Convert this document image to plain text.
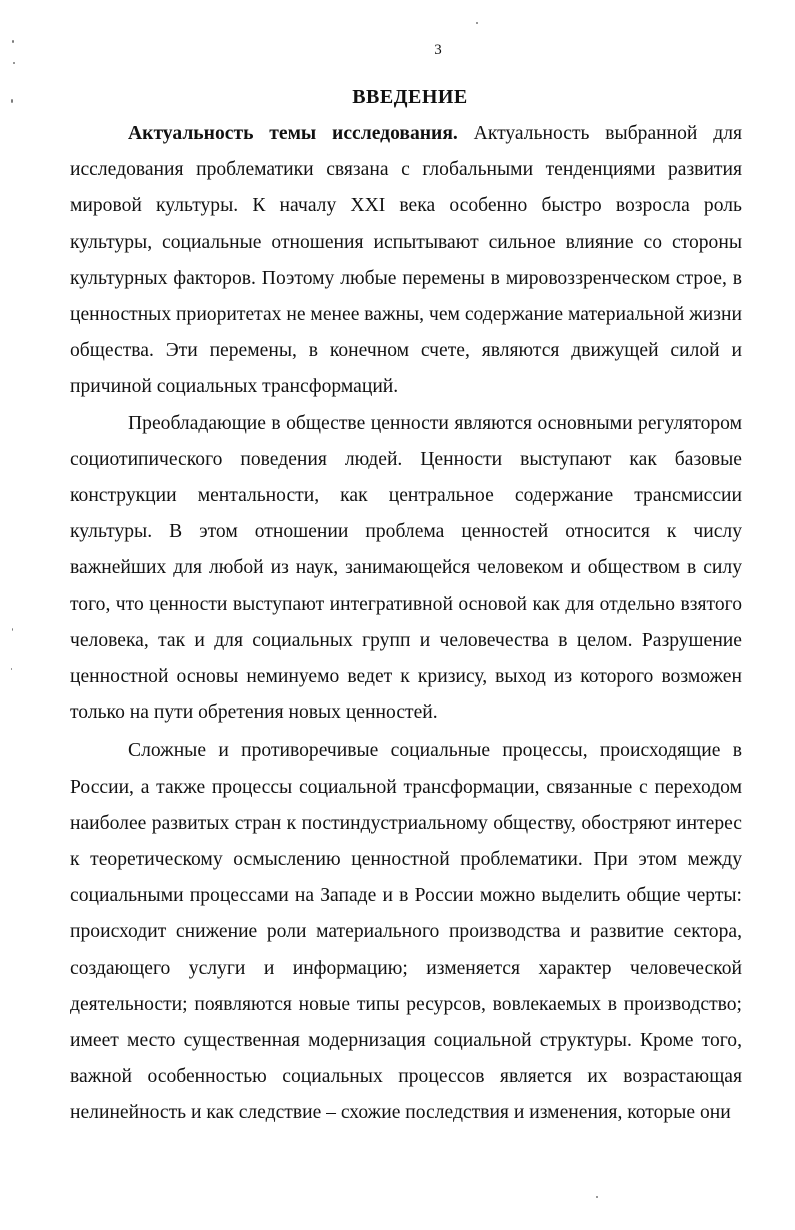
3
ВВЕДЕНИЕ

Актуальность темы исследования. Актуальность выбранной для исследования проблематики связана с глобальными тенденциями развития мировой культуры. К началу XXI века особенно быстро возросла роль культуры, социальные отношения испытывают сильное влияние со стороны культурных факторов. Поэтому любые перемены в мировоззренческом строе, в ценностных приоритетах не менее важны, чем содержание материальной жизни общества. Эти перемены, в конечном счете, являются движущей силой и причиной социальных трансформаций.

Преобладающие в обществе ценности являются основными регулятором социотипического поведения людей. Ценности выступают как базовые конструкции ментальности, как центральное содержание трансмиссии культуры. В этом отношении проблема ценностей относится к числу важнейших для любой из наук, занимающейся человеком и обществом в силу того, что ценности выступают интегративной основой как для отдельно взятого человека, так и для социальных групп и человечества в целом. Разрушение ценностной основы неминуемо ведет к кризису, выход из которого возможен только на пути обретения новых ценностей.

Сложные и противоречивые социальные процессы, происходящие в России, а также процессы социальной трансформации, связанные с переходом наиболее развитых стран к постиндустриальному обществу, обостряют интерес к теоретическому осмыслению ценностной проблематики. При этом между социальными процессами на Западе и в России можно выделить общие черты: происходит снижение роли материального производства и развитие сектора, создающего услуги и информацию; изменяется характер человеческой деятельности; появляются новые типы ресурсов, вовлекаемых в производство; имеет место существенная модернизация социальной структуры. Кроме того, важной особенностью социальных процессов является их возрастающая нелинейность и как следствие – схожие последствия и изменения, которые они
